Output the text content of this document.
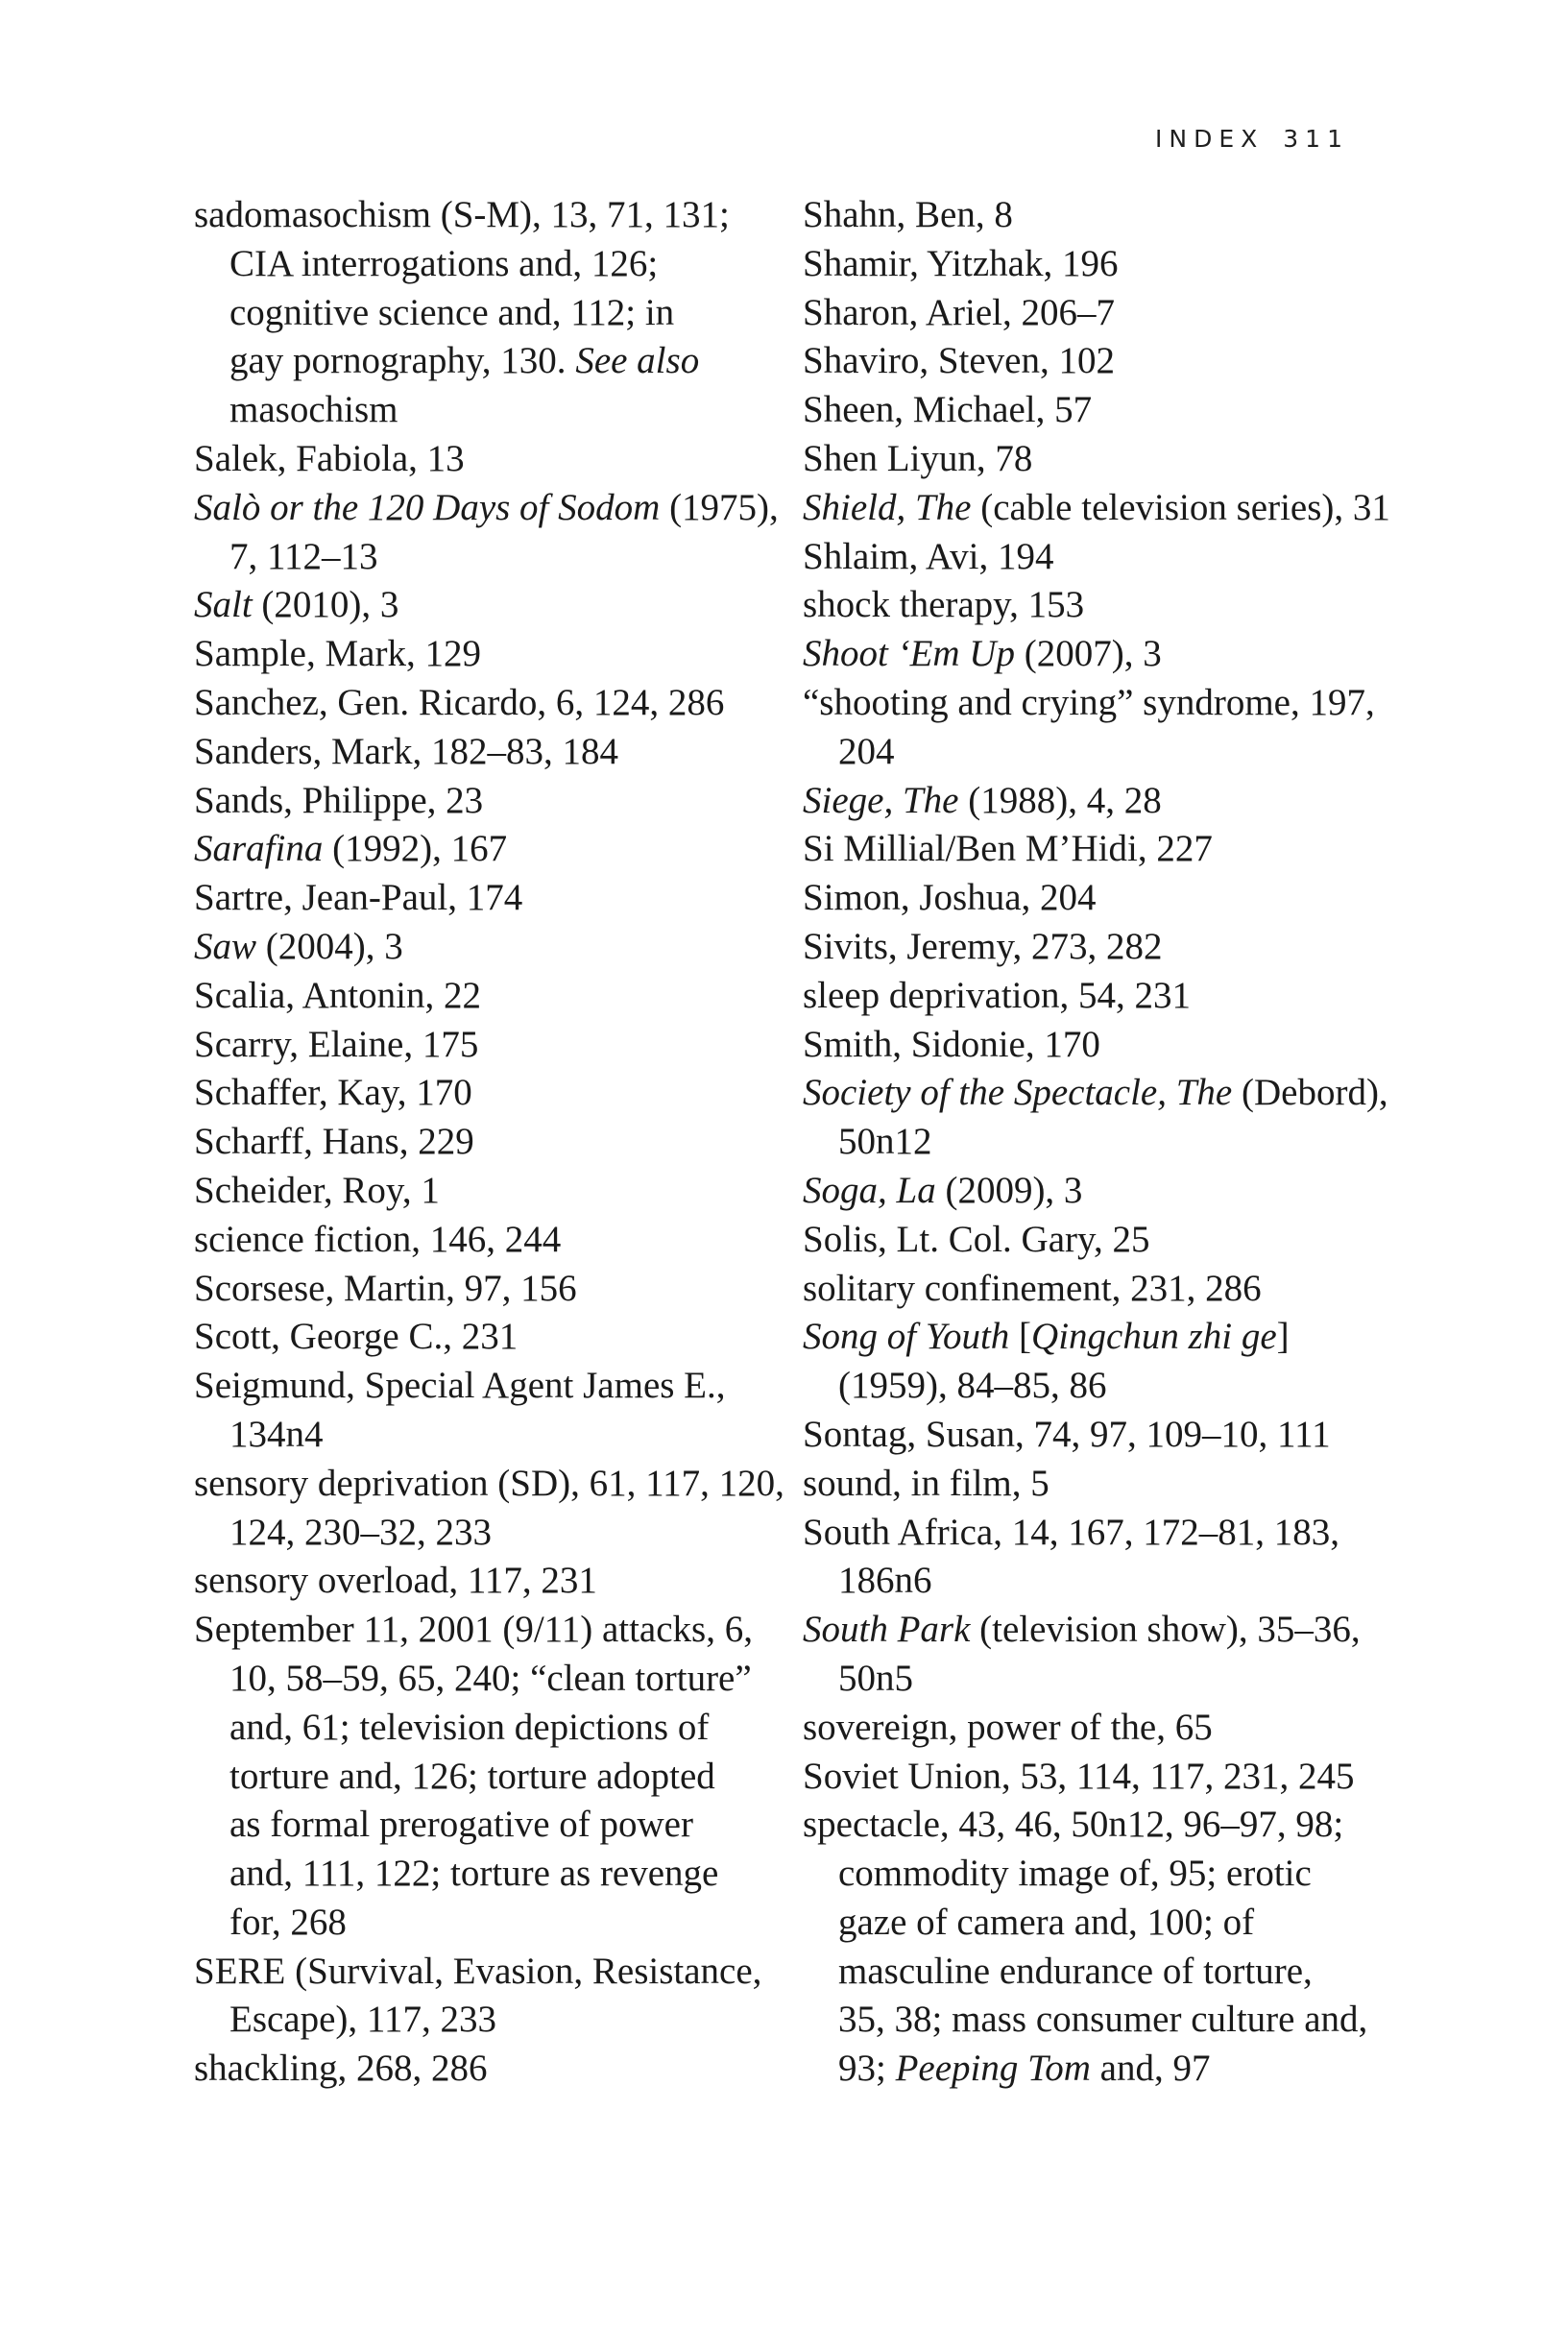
INDEX 311
sadomasochism (S-M), 13, 71, 131;
CIA interrogations and, 126;
cognitive science and, 112; in
gay pornography, 130. See also
masochism
Salek, Fabiola, 13
Salò or the 120 Days of Sodom (1975),
7, 112–13
Salt (2010), 3
Sample, Mark, 129
Sanchez, Gen. Ricardo, 6, 124, 286
Sanders, Mark, 182–83, 184
Sands, Philippe, 23
Sarafina (1992), 167
Sartre, Jean-Paul, 174
Saw (2004), 3
Scalia, Antonin, 22
Scarry, Elaine, 175
Schaffer, Kay, 170
Scharff, Hans, 229
Scheider, Roy, 1
science fiction, 146, 244
Scorsese, Martin, 97, 156
Scott, George C., 231
Seigmund, Special Agent James E.,
134n4
sensory deprivation (SD), 61, 117, 120,
124, 230–32, 233
sensory overload, 117, 231
September 11, 2001 (9/11) attacks, 6,
10, 58–59, 65, 240; “clean torture”
and, 61; television depictions of
torture and, 126; torture adopted
as formal prerogative of power
and, 111, 122; torture as revenge
for, 268
SERE (Survival, Evasion, Resistance,
Escape), 117, 233
shackling, 268, 286
Shahn, Ben, 8
Shamir, Yitzhak, 196
Sharon, Ariel, 206–7
Shaviro, Steven, 102
Sheen, Michael, 57
Shen Liyun, 78
Shield, The (cable television series), 31
Shlaim, Avi, 194
shock therapy, 153
Shoot ‘Em Up (2007), 3
“shooting and crying” syndrome, 197,
204
Siege, The (1988), 4, 28
Si Millial/Ben M’Hidi, 227
Simon, Joshua, 204
Sivits, Jeremy, 273, 282
sleep deprivation, 54, 231
Smith, Sidonie, 170
Society of the Spectacle, The (Debord),
50n12
Soga, La (2009), 3
Solis, Lt. Col. Gary, 25
solitary confinement, 231, 286
Song of Youth [Qingchun zhi ge]
(1959), 84–85, 86
Sontag, Susan, 74, 97, 109–10, 111
sound, in film, 5
South Africa, 14, 167, 172–81, 183,
186n6
South Park (television show), 35–36,
50n5
sovereign, power of the, 65
Soviet Union, 53, 114, 117, 231, 245
spectacle, 43, 46, 50n12, 96–97, 98;
commodity image of, 95; erotic
gaze of camera and, 100; of
masculine endurance of torture,
35, 38; mass consumer culture and,
93; Peeping Tom and, 97
